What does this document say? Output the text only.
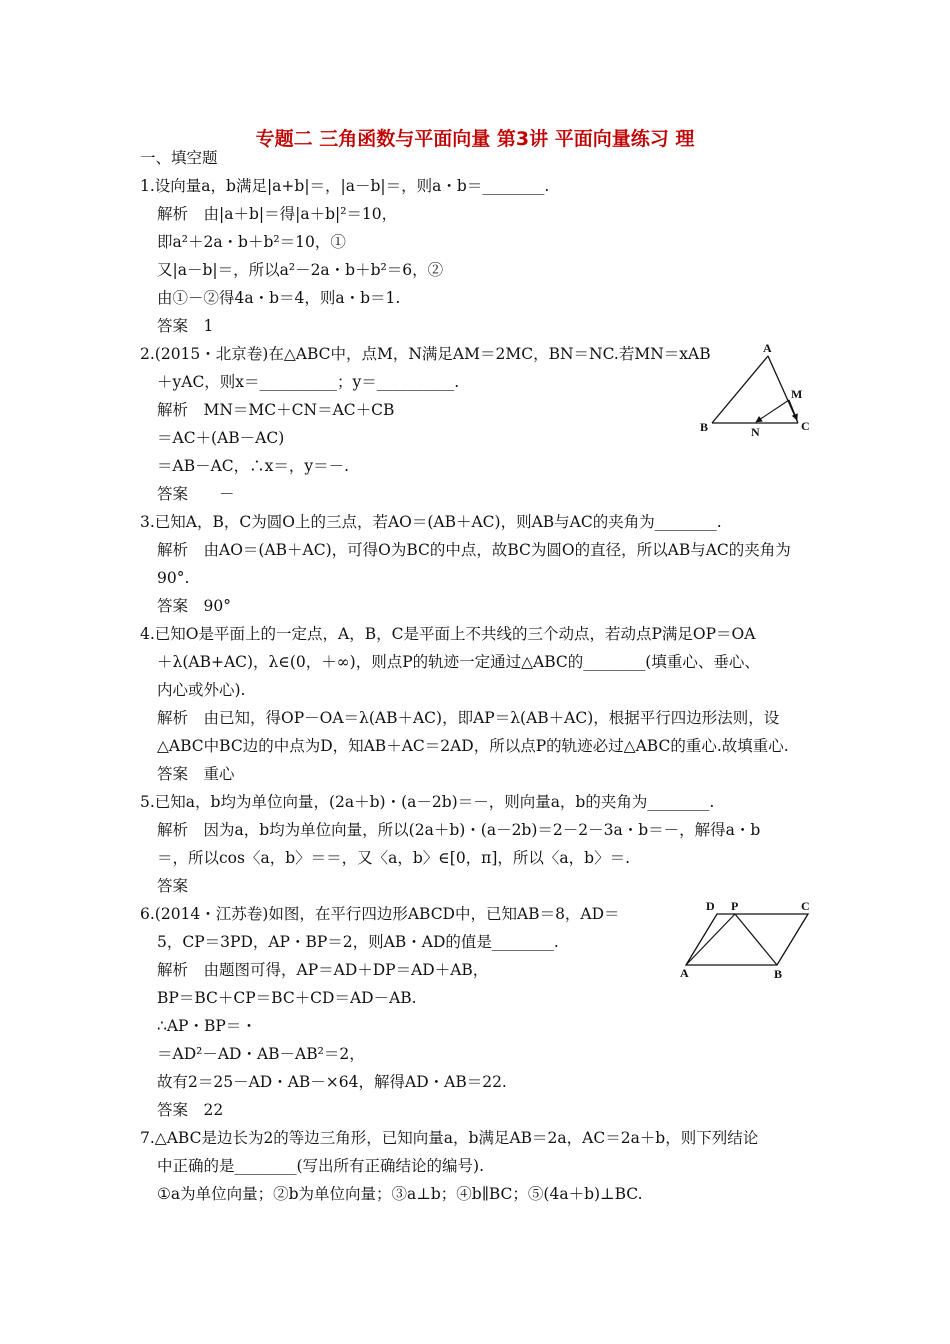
专题二 三角函数与平面向量 第3讲 平面向量练习 理
一、填空题
1.设向量a，b满足|a+b|＝，|a－b|＝，则a・b＝________.
解析　由|a＋b|＝得|a＋b|²＝10，
即a²＋2a・b＋b²＝10，①
又|a－b|＝，所以a²－2a・b＋b²＝6，②
由①－②得4a・b＝4，则a・b＝1.
答案　1
2.(2015・北京卷)在△ABC中，点M，N满足AM＝2MC，BN＝NC.若MN＝xAB
＋yAC，则x＝__________；y＝__________.
解析　MN＝MC＋CN＝AC＋CB
＝AC＋(AB－AC)
＝AB－AC，∴x＝，y＝－.
答案　　－
3.已知A，B，C为圆O上的三点，若AO＝(AB＋AC)，则AB与AC的夹角为________.
解析　由AO＝(AB＋AC)，可得O为BC的中点，故BC为圆O的直径，所以AB与AC的夹角为
90°.
答案　90°
4.已知O是平面上的一定点，A，B，C是平面上不共线的三个动点，若动点P满足OP＝OA
＋λ(AB+AC)，λ∈(0，＋∞)，则点P的轨迹一定通过△ABC的________(填重心、垂心、
内心或外心).
解析　由已知，得OP－OA＝λ(AB＋AC)，即AP＝λ(AB＋AC)，根据平行四边形法则，设
△ABC中BC边的中点为D，知AB＋AC＝2AD，所以点P的轨迹必过△ABC的重心.故填重心.
答案　重心
5.已知a，b均为单位向量，(2a＋b)・(a－2b)＝－，则向量a，b的夹角为________.
解析　因为a，b均为单位向量，所以(2a＋b)・(a－2b)＝2－2－3a・b＝－，解得a・b
＝，所以cos〈a，b〉＝＝，又〈a，b〉∈[0，π]，所以〈a，b〉＝.
答案
6.(2014・江苏卷)如图，在平行四边形ABCD中，已知AB＝8，AD＝
5，CP＝3PD，AP・BP＝2，则AB・AD的值是________.
解析　由题图可得，AP＝AD＋DP＝AD＋AB，
BP＝BC＋CP＝BC＋CD＝AD－AB.
∴AP・BP＝・
＝AD²－AD・AB－AB²＝2，
故有2＝25－AD・AB－×64，解得AD・AB＝22.
答案　22
7.△ABC是边长为2的等边三角形，已知向量a，b满足AB＝2a，AC＝2a＋b，则下列结论
中正确的是________(写出所有正确结论的编号).
①a为单位向量；②b为单位向量；③a⊥b；④b∥BC；⑤(4a＋b)⊥BC.
A
B	C
M
N
D P	C
A	B
